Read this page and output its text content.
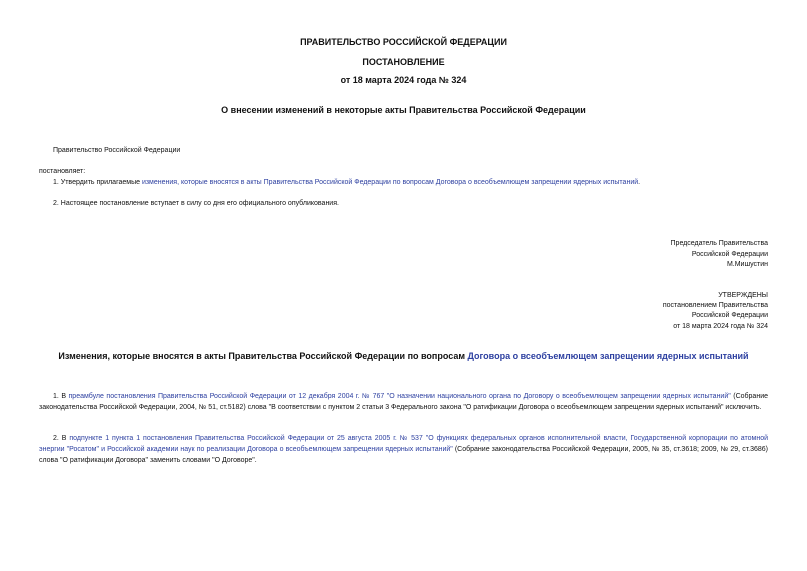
ПРАВИТЕЛЬСТВО РОССИЙСКОЙ ФЕДЕРАЦИИ
ПОСТАНОВЛЕНИЕ
от 18 марта 2024 года № 324
О внесении изменений в некоторые акты Правительства Российской Федерации
Правительство Российской Федерации
постановляет:
1. Утвердить прилагаемые изменения, которые вносятся в акты Правительства Российской Федерации по вопросам Договора о всеобъемлющем запрещении ядерных испытаний.
2. Настоящее постановление вступает в силу со дня его официального опубликования.
Председатель Правительства
Российской Федерации
М.Мишустин
УТВЕРЖДЕНЫ
постановлением Правительства
Российской Федерации
от 18 марта 2024 года № 324
Изменения, которые вносятся в акты Правительства Российской Федерации по вопросам Договора о всеобъемлющем запрещении ядерных испытаний
1. В преамбуле постановления Правительства Российской Федерации от 12 декабря 2004 г. № 767 "О назначении национального органа по Договору о всеобъемлющем запрещении ядерных испытаний" (Собрание законодательства Российской Федерации, 2004, № 51, ст.5182) слова "В соответствии с пунктом 2 статьи 3 Федерального закона "О ратификации Договора о всеобъемлющем запрещении ядерных испытаний" исключить.
2. В подпункте 1 пункта 1 постановления Правительства Российской Федерации от 25 августа 2005 г. № 537 "О функциях федеральных органов исполнительной власти, Государственной корпорации по атомной энергии "Росатом" и Российской академии наук по реализации Договора о всеобъемлющем запрещении ядерных испытаний" (Собрание законодательства Российской Федерации, 2005, № 35, ст.3618; 2009, № 29, ст.3686) слова "О ратификации Договора" заменить словами "О Договоре".
